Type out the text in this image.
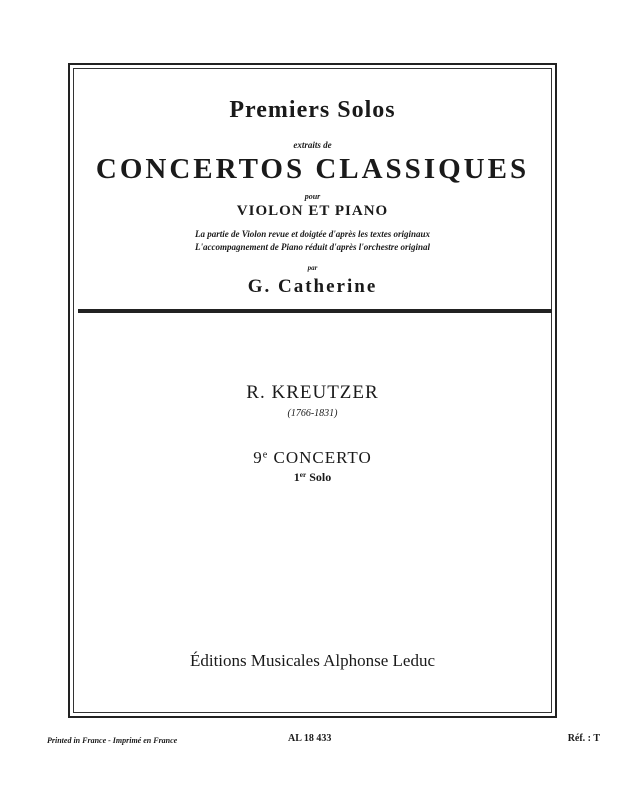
Premiers Solos
extraits de
CONCERTOS CLASSIQUES
pour
VIOLON ET PIANO
La partie de Violon revue et doigtée d'après les textes originaux
L'accompagnement de Piano réduit d'après l'orchestre original
par
G. Catherine
R. KREUTZER
(1766-1831)
9e CONCERTO
1er Solo
Éditions Musicales Alphonse Leduc
Printed in France - Imprimé en France	AL 18 433	Réf. : T
